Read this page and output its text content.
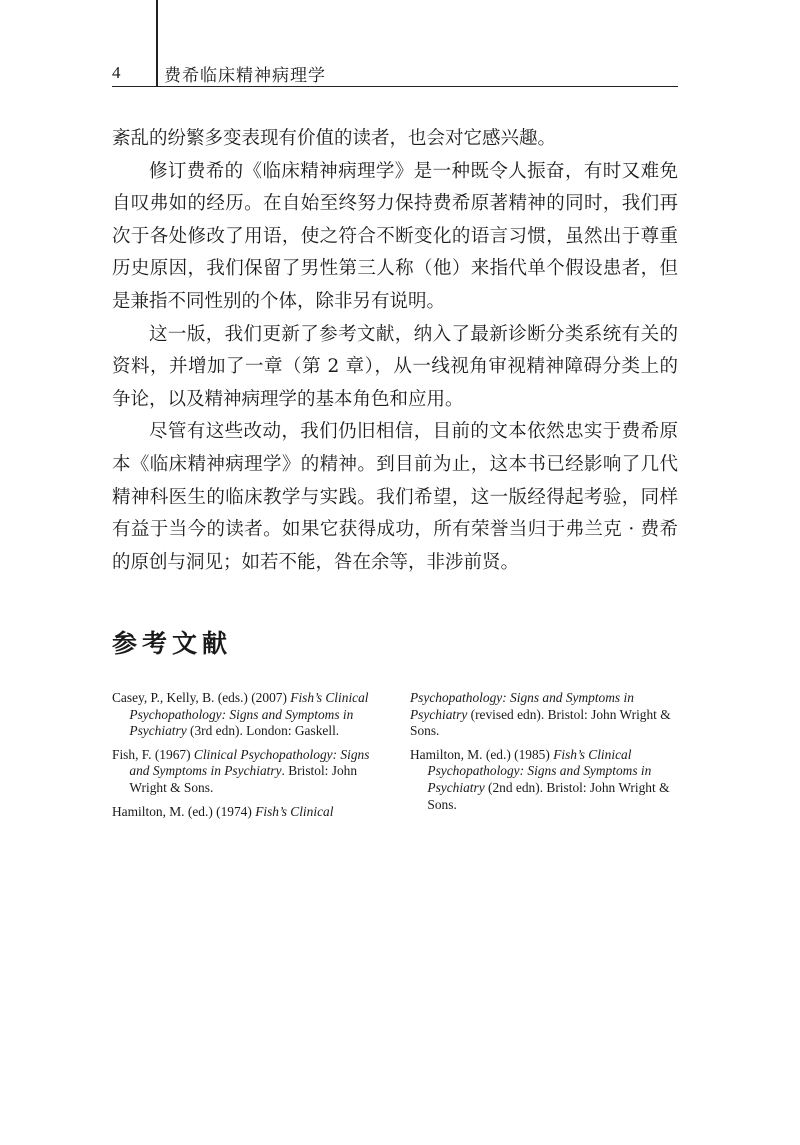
4	费希临床精神病理学

紊乱的纷繁多变表现有价值的读者，也会对它感兴趣。

修订费希的《临床精神病理学》是一种既令人振奋，有时又难免自叹弗如的经历。在自始至终努力保持费希原著精神的同时，我们再次于各处修改了用语，使之符合不断变化的语言习惯，虽然出于尊重历史原因，我们保留了男性第三人称（他）来指代单个假设患者，但是兼指不同性别的个体，除非另有说明。

这一版，我们更新了参考文献，纳入了最新诊断分类系统有关的资料，并增加了一章（第 2 章），从一线视角审视精神障碍分类上的争论，以及精神病理学的基本角色和应用。

尽管有这些改动，我们仍旧相信，目前的文本依然忠实于费希原本《临床精神病理学》的精神。到目前为止，这本书已经影响了几代精神科医生的临床教学与实践。我们希望，这一版经得起考验，同样有益于当今的读者。如果它获得成功，所有荣誉当归于弗兰克 · 费希的原创与洞见；如若不能，咎在余等，非涉前贤。

参考文献
Casey, P., Kelly, B. (eds.) (2007) Fish’s Clinical Psychopathology: Signs and Symptoms in Psychiatry (3rd edn). London: Gaskell.
Fish, F. (1967) Clinical Psychopathology: Signs and Symptoms in Psychiatry. Bristol: John Wright & Sons.
Hamilton, M. (ed.) (1974) Fish’s Clinical
Psychopathology: Signs and Symptoms in Psychiatry (revised edn). Bristol: John Wright & Sons.
Hamilton, M. (ed.) (1985) Fish’s Clinical Psychopathology: Signs and Symptoms in Psychiatry (2nd edn). Bristol: John Wright & Sons.
